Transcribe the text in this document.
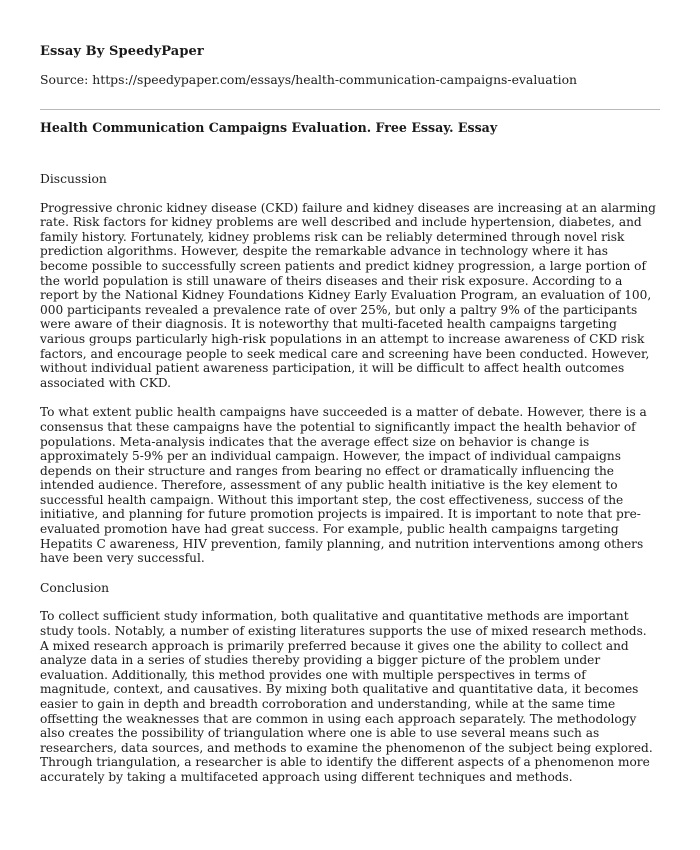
Essay By SpeedyPaper
Source: https://speedypaper.com/essays/health-communication-campaigns-evaluation
Health Communication Campaigns Evaluation. Free Essay. Essay
Discussion

Progressive chronic kidney disease (CKD) failure and kidney diseases are increasing at an alarming rate. Risk factors for kidney problems are well described and include hypertension, diabetes, and family history. Fortunately, kidney problems risk can be reliably determined through novel risk prediction algorithms. However, despite the remarkable advance in technology where it has become possible to successfully screen patients and predict kidney progression, a large portion of the world population is still unaware of theirs diseases and their risk exposure. According to a report by the National Kidney Foundations Kidney Early Evaluation Program, an evaluation of 100, 000 participants revealed a prevalence rate of over 25%, but only a paltry 9% of the participants were aware of their diagnosis. It is noteworthy that multi-faceted health campaigns targeting various groups particularly high-risk populations in an attempt to increase awareness of CKD risk factors, and encourage people to seek medical care and screening have been conducted. However, without individual patient awareness participation, it will be difficult to affect health outcomes associated with CKD.

To what extent public health campaigns have succeeded is a matter of debate. However, there is a consensus that these campaigns have the potential to significantly impact the health behavior of populations. Meta-analysis indicates that the average effect size on behavior is change is approximately 5-9% per an individual campaign. However, the impact of individual campaigns depends on their structure and ranges from bearing no effect or dramatically influencing the intended audience. Therefore, assessment of any public health initiative is the key element to successful health campaign. Without this important step, the cost effectiveness, success of the initiative, and planning for future promotion projects is impaired. It is important to note that pre-evaluated promotion have had great success. For example, public health campaigns targeting Hepatits C awareness, HIV prevention, family planning, and nutrition interventions among others have been very successful.

Conclusion

To collect sufficient study information, both qualitative and quantitative methods are important study tools. Notably, a number of existing literatures supports the use of mixed research methods. A mixed research approach is primarily preferred because it gives one the ability to collect and analyze data in a series of studies thereby providing a bigger picture of the problem under evaluation. Additionally, this method provides one with multiple perspectives in terms of magnitude, context, and causatives. By mixing both qualitative and quantitative data, it becomes easier to gain in depth and breadth corroboration and understanding, while at the same time offsetting the weaknesses that are common in using each approach separately. The methodology also creates the possibility of triangulation where one is able to use several means such as researchers, data sources, and methods to examine the phenomenon of the subject being explored. Through triangulation, a researcher is able to identify the different aspects of a phenomenon more accurately by taking a multifaceted approach using different techniques and methods.
